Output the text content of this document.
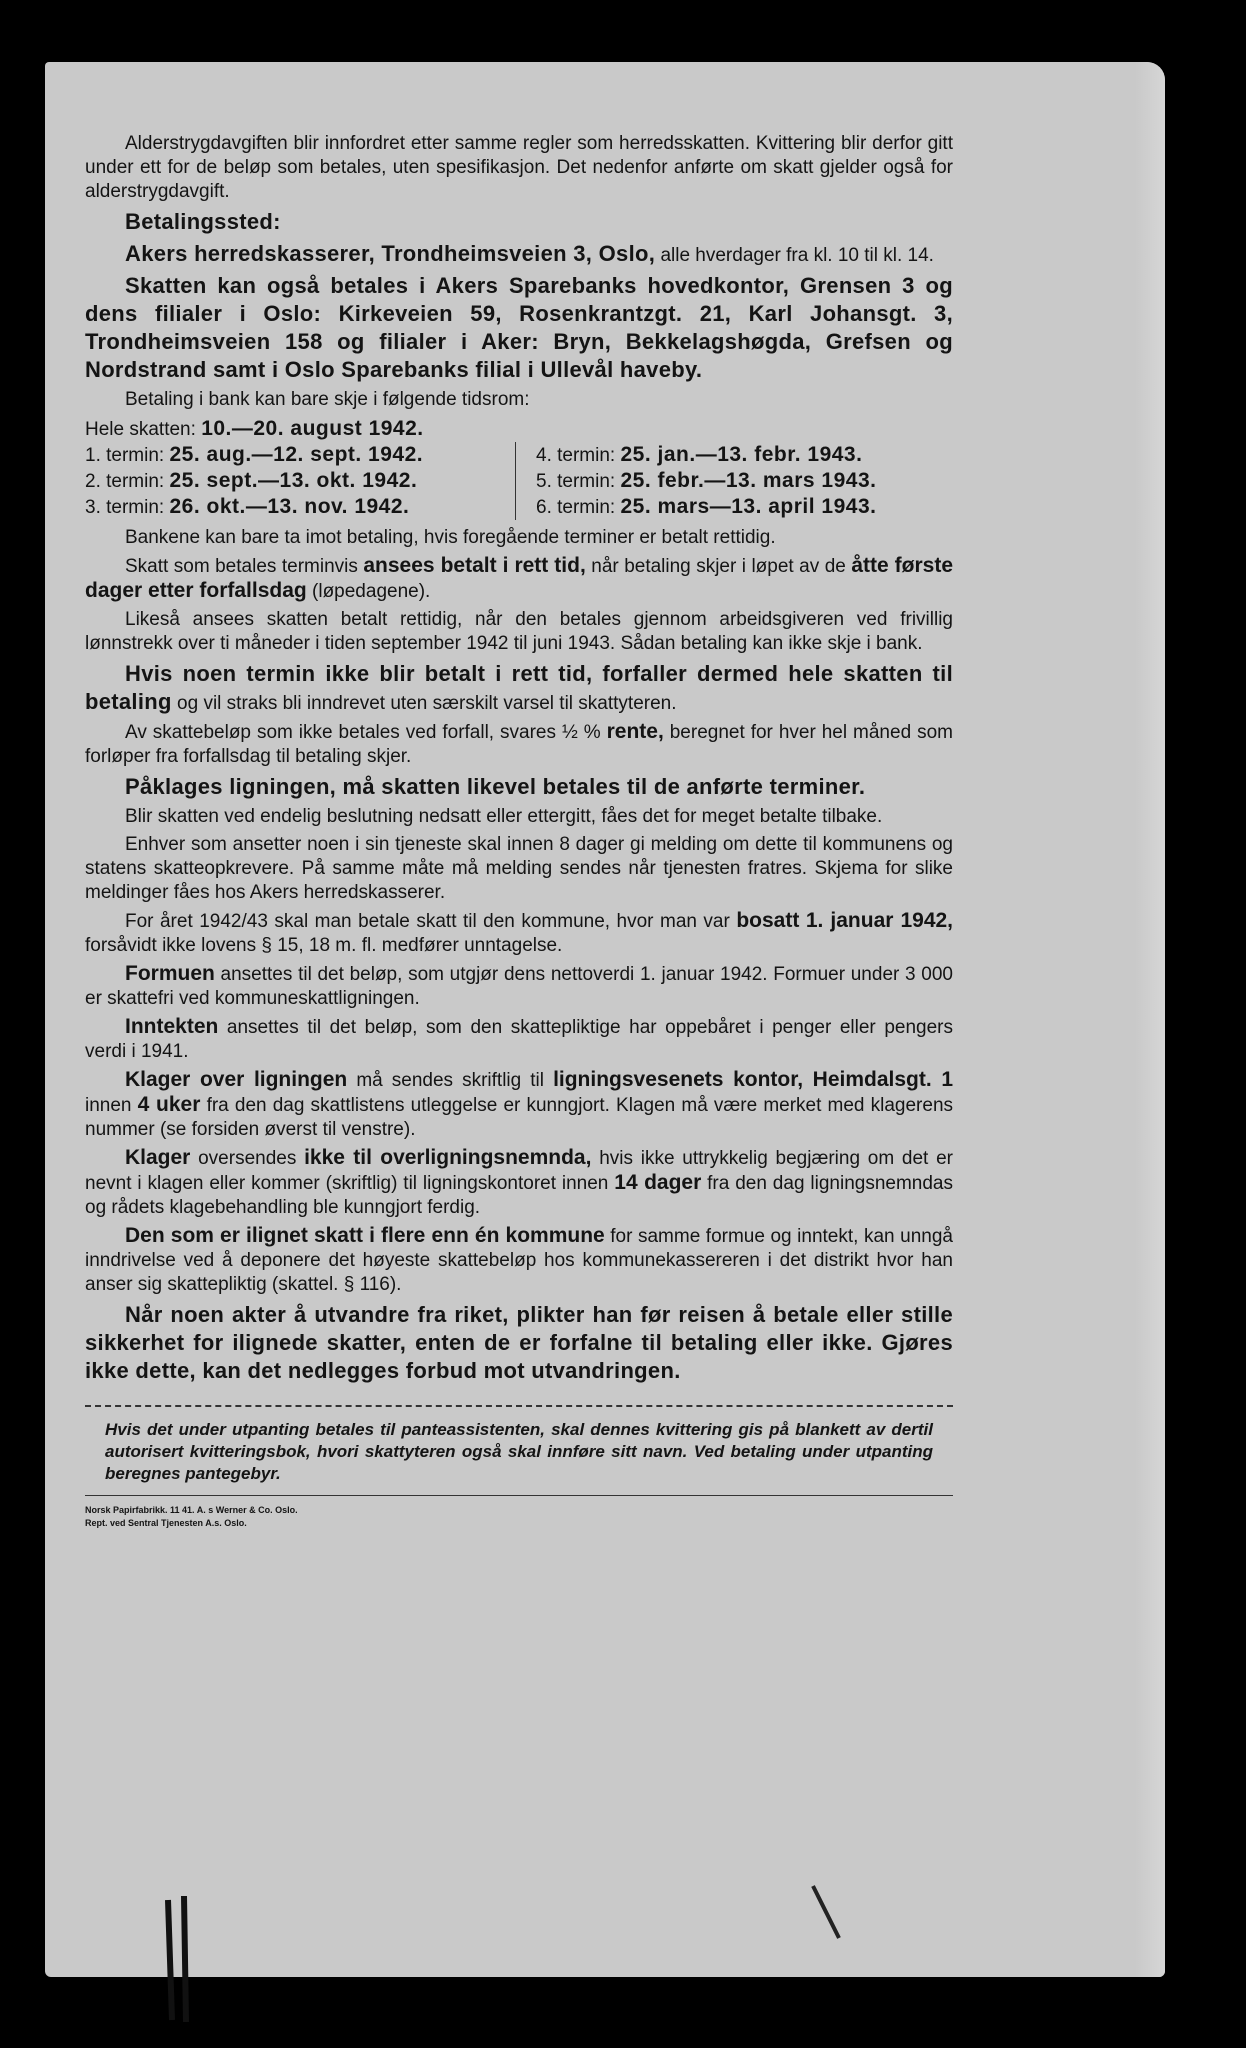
Alderstrygdavgiften blir innfordret etter samme regler som herredsskatten. Kvittering blir derfor gitt under ett for de beløp som betales, uten spesifikasjon. Det nedenfor anførte om skatt gjelder også for alderstrygdavgift.

Betalingssted:

Akers herredskasserer, Trondheimsveien 3, Oslo, alle hverdager fra kl. 10 til kl. 14.

Skatten kan også betales i Akers Sparebanks hovedkontor, Grensen 3 og dens filialer i Oslo: Kirkeveien 59, Rosenkrantzgt. 21, Karl Johansgt. 3, Trondheimsveien 158 og filialer i Aker: Bryn, Bekkelagshøgda, Grefsen og Nordstrand samt i Oslo Sparebanks filial i Ullevål haveby.

Betaling i bank kan bare skje i følgende tidsrom:

Hele skatten: 10.—20. august 1942.
1. termin: 25. aug.—12. sept. 1942.	4. termin: 25. jan.—13. febr. 1943.
2. termin: 25. sept.—13. okt. 1942.	5. termin: 25. febr.—13. mars 1943.
3. termin: 26. okt.—13. nov. 1942.	6. termin: 25. mars—13. april 1943.

Bankene kan bare ta imot betaling, hvis foregående terminer er betalt rettidig.

Skatt som betales terminvis ansees betalt i rett tid, når betaling skjer i løpet av de åtte første dager etter forfallsdag (løpedagene).

Likeså ansees skatten betalt rettidig, når den betales gjennom arbeidsgiveren ved frivillig lønnstrekk over ti måneder i tiden september 1942 til juni 1943. Sådan betaling kan ikke skje i bank.

Hvis noen termin ikke blir betalt i rett tid, forfaller dermed hele skatten til betaling og vil straks bli inndrevet uten særskilt varsel til skattyteren.

Av skattebeløp som ikke betales ved forfall, svares ½ % rente, beregnet for hver hel måned som forløper fra forfallsdag til betaling skjer.

Påklages ligningen, må skatten likevel betales til de anførte terminer.

Blir skatten ved endelig beslutning nedsatt eller ettergitt, fåes det for meget betalte tilbake.

Enhver som ansetter noen i sin tjeneste skal innen 8 dager gi melding om dette til kommunens og statens skatteopkrevere. På samme måte må melding sendes når tjenesten fratres. Skjema for slike meldinger fåes hos Akers herredskasserer.

For året 1942/43 skal man betale skatt til den kommune, hvor man var bosatt 1. januar 1942, forsåvidt ikke lovens § 15, 18 m. fl. medfører unntagelse.

Formuen ansettes til det beløp, som utgjør dens nettoverdi 1. januar 1942. Formuer under 3 000 er skattefri ved kommuneskattligningen.

Inntekten ansettes til det beløp, som den skattepliktige har oppebåret i penger eller pengers verdi i 1941.

Klager over ligningen må sendes skriftlig til ligningsvesenets kontor, Heimdalsgt. 1 innen 4 uker fra den dag skattlistens utleggelse er kunngjort. Klagen må være merket med klagerens nummer (se forsiden øverst til venstre).

Klager oversendes ikke til overligningsnemnda, hvis ikke uttrykkelig begjæring om det er nevnt i klagen eller kommer (skriftlig) til ligningskontoret innen 14 dager fra den dag ligningsnemndas og rådets klagebehandling ble kunngjort ferdig.

Den som er ilignet skatt i flere enn én kommune for samme formue og inntekt, kan unngå inndrivelse ved å deponere det høyeste skattebeløp hos kommunekassereren i det distrikt hvor han anser sig skattepliktig (skattel. § 116).

Når noen akter å utvandre fra riket, plikter han før reisen å betale eller stille sikkerhet for ilignede skatter, enten de er forfalne til betaling eller ikke. Gjøres ikke dette, kan det nedlegges forbud mot utvandringen.

Hvis det under utpanting betales til panteassistenten, skal dennes kvittering gis på blankett av dertil autorisert kvitteringsbok, hvori skattyteren også skal innføre sitt navn. Ved betaling under utpanting beregnes pantegebyr.

Norsk Papirfabrikk. 11 41. A. s Werner & Co. Oslo.
Rept. ved Sentral Tjenesten A.s. Oslo.
